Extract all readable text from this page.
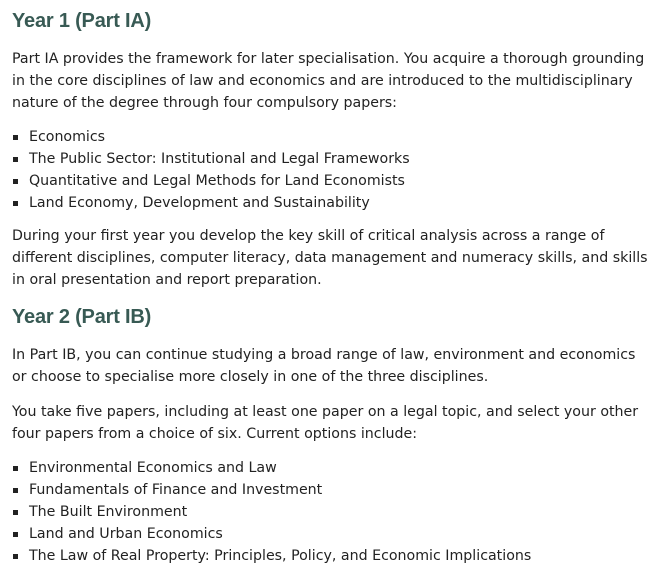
Year 1 (Part IA)

Part IA provides the framework for later specialisation. You acquire a thorough grounding in the core disciplines of law and economics and are introduced to the multidisciplinary nature of the degree through four compulsory papers:

Economics
The Public Sector: Institutional and Legal Frameworks
Quantitative and Legal Methods for Land Economists
Land Economy, Development and Sustainability

During your first year you develop the key skill of critical analysis across a range of different disciplines, computer literacy, data management and numeracy skills, and skills in oral presentation and report preparation.

Year 2 (Part IB)

In Part IB, you can continue studying a broad range of law, environment and economics or choose to specialise more closely in one of the three disciplines.

You take five papers, including at least one paper on a legal topic, and select your other four papers from a choice of six. Current options include:

Environmental Economics and Law
Fundamentals of Finance and Investment
The Built Environment
Land and Urban Economics
The Law of Real Property: Principles, Policy, and Economic Implications
